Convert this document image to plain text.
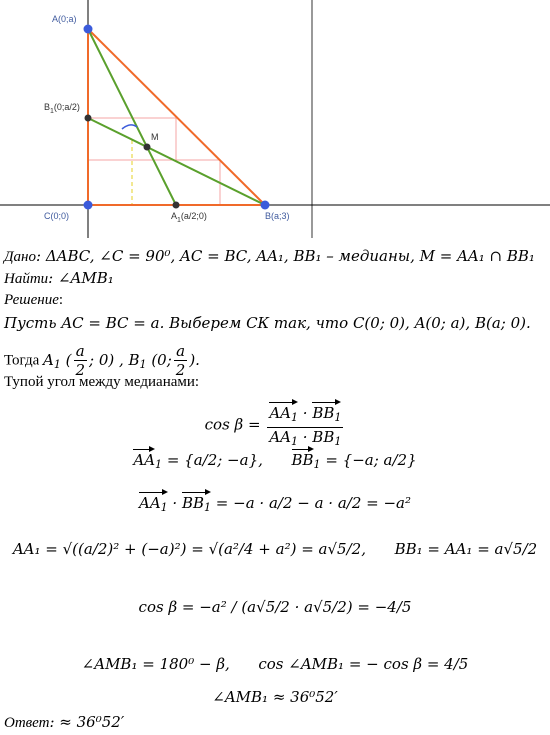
A(0;a)
$B_1(0;a/2)$
M
C(0;0)	$A_1(a/2;0)$	B(a;3)
Дано: ΔABC, ∠C = 90⁰, AC = BC, AA₁, BB₁ – медианы, M = AA₁ ∩ BB₁
Найти: ∠AMB₁
Решение:
Пусть AC = BC = a. Выберем СК так, что C(0; 0), A(0; a), B(a; 0).
Тогда $A_1$ ( $\frac{a}{2}$ ; 0) , $B_1$ (0; $\frac{a}{2}$ ).
Тупой угол между медианами:
$\cos \beta = \frac{AA_1 \cdot BB_1}{AA_1 \cdot BB_1}$
$AA_1 = \{a/2$; −a}, $BB_1 = \{-a$; a/2}
$AA_1 \cdot BB_1 = -a \cdot a/2 - a \cdot a/2 = -a^2$
AA₁ = √((a/2)² + (−a)²) = √(a²/4 + a²) = a√5/2, BB₁ = AA₁ = a√5/2
cos β = −a² / (a√5/2 · a√5/2) = −4/5
∠AMB₁ = 180⁰ − β, cos ∠AMB₁ = − cos β = 4/5
∠AMB₁ ≈ 36⁰52′
Ответ: ≈ 36⁰52′
